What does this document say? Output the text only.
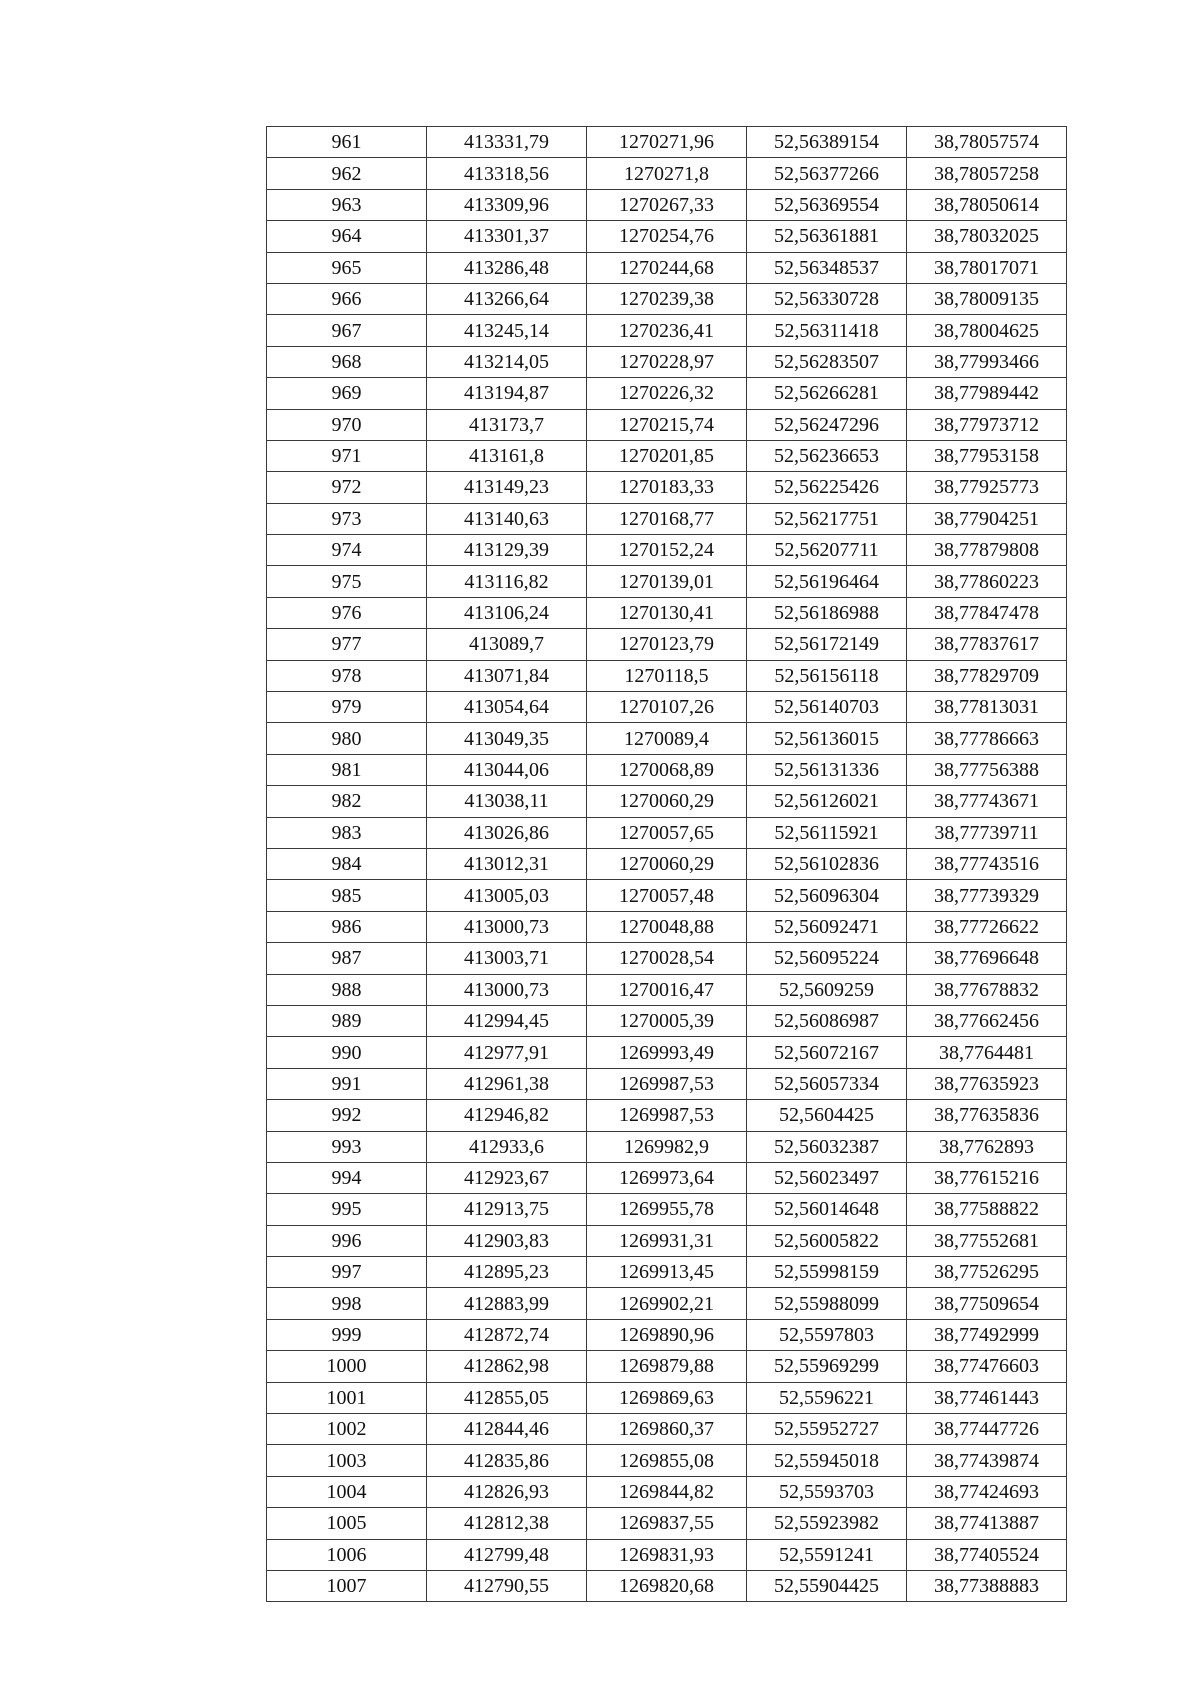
961	413331,79	1270271,96	52,56389154	38,78057574
962	413318,56	1270271,8	52,56377266	38,78057258
963	413309,96	1270267,33	52,56369554	38,78050614
964	413301,37	1270254,76	52,56361881	38,78032025
965	413286,48	1270244,68	52,56348537	38,78017071
966	413266,64	1270239,38	52,56330728	38,78009135
967	413245,14	1270236,41	52,56311418	38,78004625
968	413214,05	1270228,97	52,56283507	38,77993466
969	413194,87	1270226,32	52,56266281	38,77989442
970	413173,7	1270215,74	52,56247296	38,77973712
971	413161,8	1270201,85	52,56236653	38,77953158
972	413149,23	1270183,33	52,56225426	38,77925773
973	413140,63	1270168,77	52,56217751	38,77904251
974	413129,39	1270152,24	52,56207711	38,77879808
975	413116,82	1270139,01	52,56196464	38,77860223
976	413106,24	1270130,41	52,56186988	38,77847478
977	413089,7	1270123,79	52,56172149	38,77837617
978	413071,84	1270118,5	52,56156118	38,77829709
979	413054,64	1270107,26	52,56140703	38,77813031
980	413049,35	1270089,4	52,56136015	38,77786663
981	413044,06	1270068,89	52,56131336	38,77756388
982	413038,11	1270060,29	52,56126021	38,77743671
983	413026,86	1270057,65	52,56115921	38,77739711
984	413012,31	1270060,29	52,56102836	38,77743516
985	413005,03	1270057,48	52,56096304	38,77739329
986	413000,73	1270048,88	52,56092471	38,77726622
987	413003,71	1270028,54	52,56095224	38,77696648
988	413000,73	1270016,47	52,5609259	38,77678832
989	412994,45	1270005,39	52,56086987	38,77662456
990	412977,91	1269993,49	52,56072167	38,7764481
991	412961,38	1269987,53	52,56057334	38,77635923
992	412946,82	1269987,53	52,5604425	38,77635836
993	412933,6	1269982,9	52,56032387	38,7762893
994	412923,67	1269973,64	52,56023497	38,77615216
995	412913,75	1269955,78	52,56014648	38,77588822
996	412903,83	1269931,31	52,56005822	38,77552681
997	412895,23	1269913,45	52,55998159	38,77526295
998	412883,99	1269902,21	52,55988099	38,77509654
999	412872,74	1269890,96	52,5597803	38,77492999
1000	412862,98	1269879,88	52,55969299	38,77476603
1001	412855,05	1269869,63	52,5596221	38,77461443
1002	412844,46	1269860,37	52,55952727	38,77447726
1003	412835,86	1269855,08	52,55945018	38,77439874
1004	412826,93	1269844,82	52,5593703	38,77424693
1005	412812,38	1269837,55	52,55923982	38,77413887
1006	412799,48	1269831,93	52,5591241	38,77405524
1007	412790,55	1269820,68	52,55904425	38,77388883
